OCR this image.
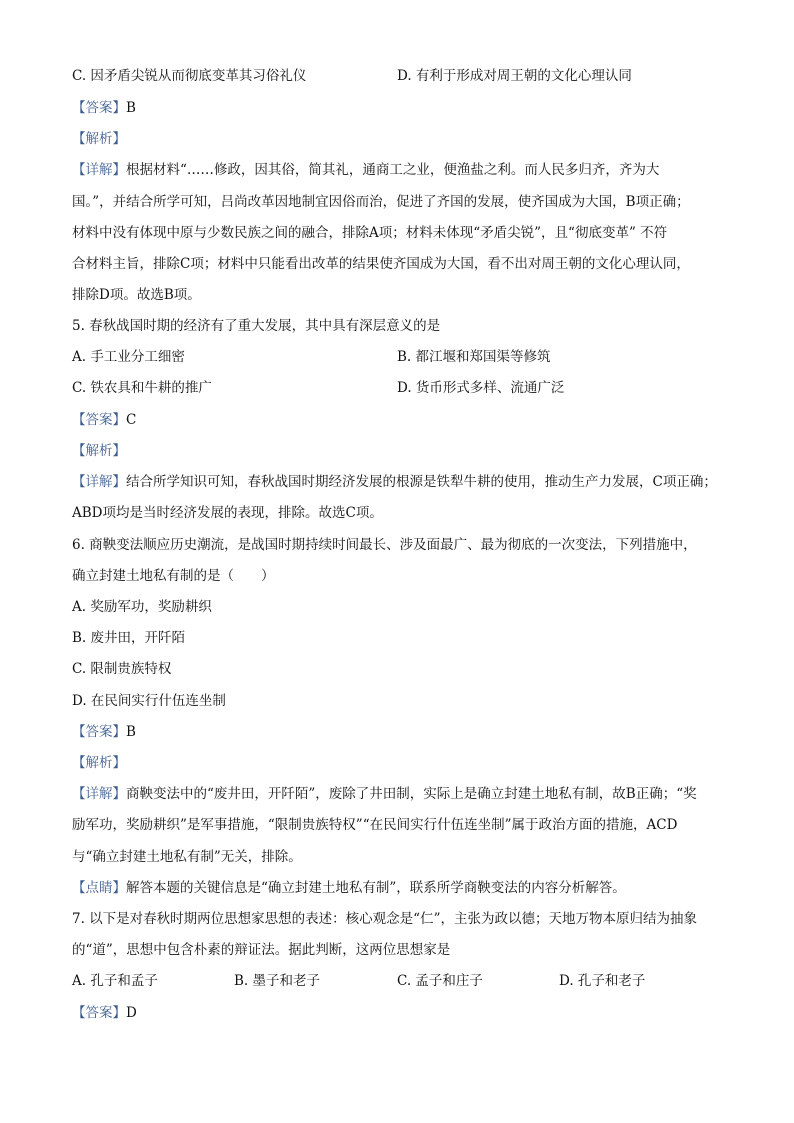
C. 因矛盾尖锐从而彻底变革其习俗礼仪	D. 有利于形成对周王朝的文化心理认同
【答案】B
【解析】
【详解】根据材料“……修政，因其俗，简其礼，通商工之业，便渔盐之利。而人民多归齐，齐为大
国。”，并结合所学可知，吕尚改革因地制宜因俗而治，促进了齐国的发展，使齐国成为大国，B项正确；
材料中没有体现中原与少数民族之间的融合，排除A项；材料未体现“矛盾尖锐”，且“彻底变革” 不符
合材料主旨，排除C项；材料中只能看出改革的结果使齐国成为大国，看不出对周王朝的文化心理认同，
排除D项。故选B项。
5. 春秋战国时期的经济有了重大发展，其中具有深层意义的是
A. 手工业分工细密	B. 都江堰和郑国渠等修筑
C. 铁农具和牛耕的推广	D. 货币形式多样、流通广泛
【答案】C
【解析】
【详解】结合所学知识可知，春秋战国时期经济发展的根源是铁犁牛耕的使用，推动生产力发展，C项正确；
ABD项均是当时经济发展的表现，排除。故选C项。
6. 商鞅变法顺应历史潮流，是战国时期持续时间最长、涉及面最广、最为彻底的一次变法，下列措施中，
确立封建土地私有制的是（　　）
A. 奖励军功，奖励耕织
B. 废井田，开阡陌
C. 限制贵族特权
D. 在民间实行什伍连坐制
【答案】B
【解析】
【详解】商鞅变法中的“废井田，开阡陌”，废除了井田制，实际上是确立封建土地私有制，故B正确；“奖
励军功，奖励耕织”是军事措施，“限制贵族特权”“在民间实行什伍连坐制”属于政治方面的措施，ACD
与“确立封建土地私有制”无关，排除。
【点睛】解答本题的关键信息是“确立封建土地私有制”，联系所学商鞅变法的内容分析解答。
7. 以下是对春秋时期两位思想家思想的表述：核心观念是“仁”，主张为政以德；天地万物本原归结为抽象
的“道”，思想中包含朴素的辩证法。据此判断，这两位思想家是
A. 孔子和孟子	B. 墨子和老子	C. 孟子和庄子	D. 孔子和老子
【答案】D
